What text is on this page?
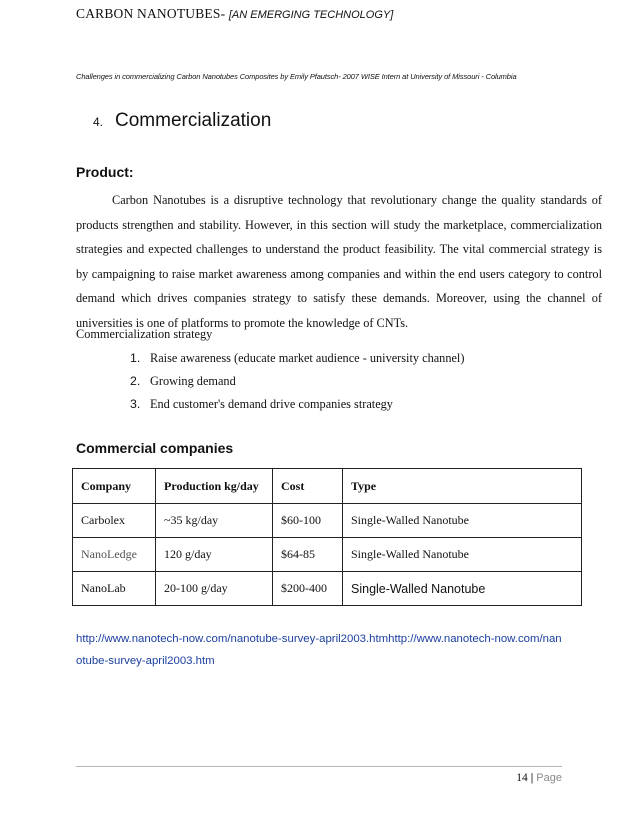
CARBON NANOTUBES- [AN EMERGING TECHNOLOGY]
Challenges in commercializing Carbon Nanotubes Composites by Emily Pfautsch- 2007 WISE Intern at University of Missouri - Columbia
4. Commercialization
Product:

Carbon Nanotubes is a disruptive technology that revolutionary change the quality standards of products strengthen and stability. However, in this section will study the marketplace, commercialization strategies and expected challenges to understand the product feasibility. The vital commercial strategy is by campaigning to raise market awareness among companies and within the end users category to control demand which drives companies strategy to satisfy these demands. Moreover, using the channel of universities is one of platforms to promote the knowledge of CNTs.

Commercialization strategy
1. Raise awareness (educate market audience - university channel)
2. Growing demand
3. End customer's demand drive companies strategy
Commercial companies
Company	Production kg/day	Cost	Type
Carbolex	~35 kg/day	$60-100	Single-Walled Nanotube
NanoLedge	120 g/day	$64-85	Single-Walled Nanotube
NanoLab	20-100 g/day	$200-400	Single-Walled Nanotube
http://www.nanotech-now.com/nanotube-survey-april2003.htmhttp://www.nanotech-now.com/nanotube-survey-april2003.htm
14 | Page
